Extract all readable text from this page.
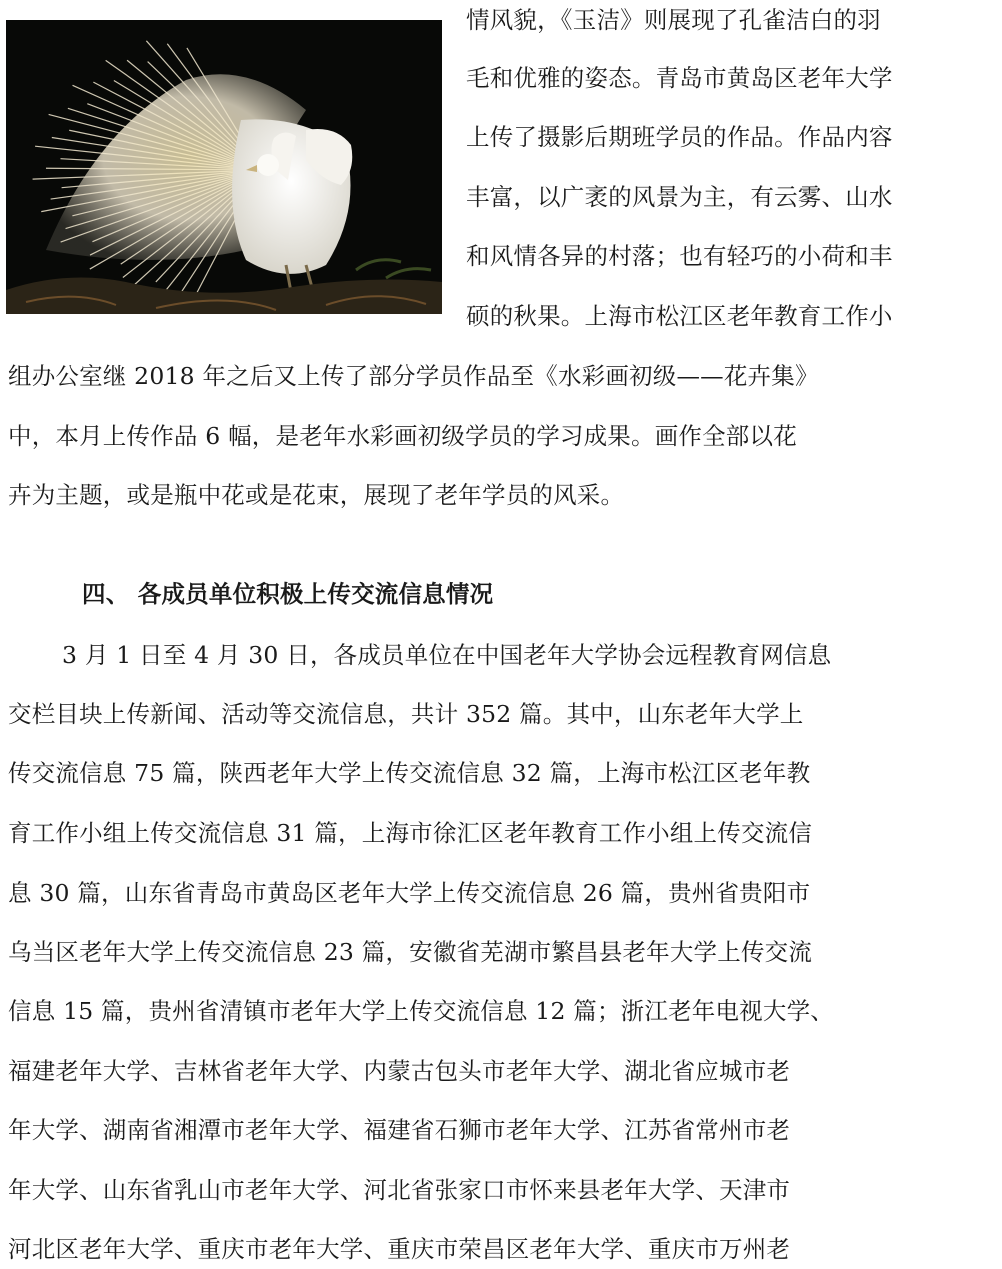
情风貌，《玉洁》则展现了孔雀洁白的羽
毛和优雅的姿态。青岛市黄岛区老年大学
上传了摄影后期班学员的作品。作品内容
丰富，以广袤的风景为主，有云雾、山水
和风情各异的村落；也有轻巧的小荷和丰
硕的秋果。上海市松江区老年教育工作小
组办公室继 2018 年之后又上传了部分学员作品至《水彩画初级——花卉集》
中，本月上传作品 6 幅，是老年水彩画初级学员的学习成果。画作全部以花
卉为主题，或是瓶中花或是花束，展现了老年学员的风采。
四、 各成员单位积极上传交流信息情况
3 月 1 日至 4 月 30 日，各成员单位在中国老年大学协会远程教育网信息
交栏目块上传新闻、活动等交流信息，共计 352 篇。其中，山东老年大学上
传交流信息 75 篇，陕西老年大学上传交流信息 32 篇，上海市松江区老年教
育工作小组上传交流信息 31 篇，上海市徐汇区老年教育工作小组上传交流信
息 30 篇，山东省青岛市黄岛区老年大学上传交流信息 26 篇，贵州省贵阳市
乌当区老年大学上传交流信息 23 篇，安徽省芜湖市繁昌县老年大学上传交流
信息 15 篇，贵州省清镇市老年大学上传交流信息 12 篇；浙江老年电视大学、
福建老年大学、吉林省老年大学、内蒙古包头市老年大学、湖北省应城市老
年大学、湖南省湘潭市老年大学、福建省石狮市老年大学、江苏省常州市老
年大学、山东省乳山市老年大学、河北省张家口市怀来县老年大学、天津市
河北区老年大学、重庆市老年大学、重庆市荣昌区老年大学、重庆市万州老
